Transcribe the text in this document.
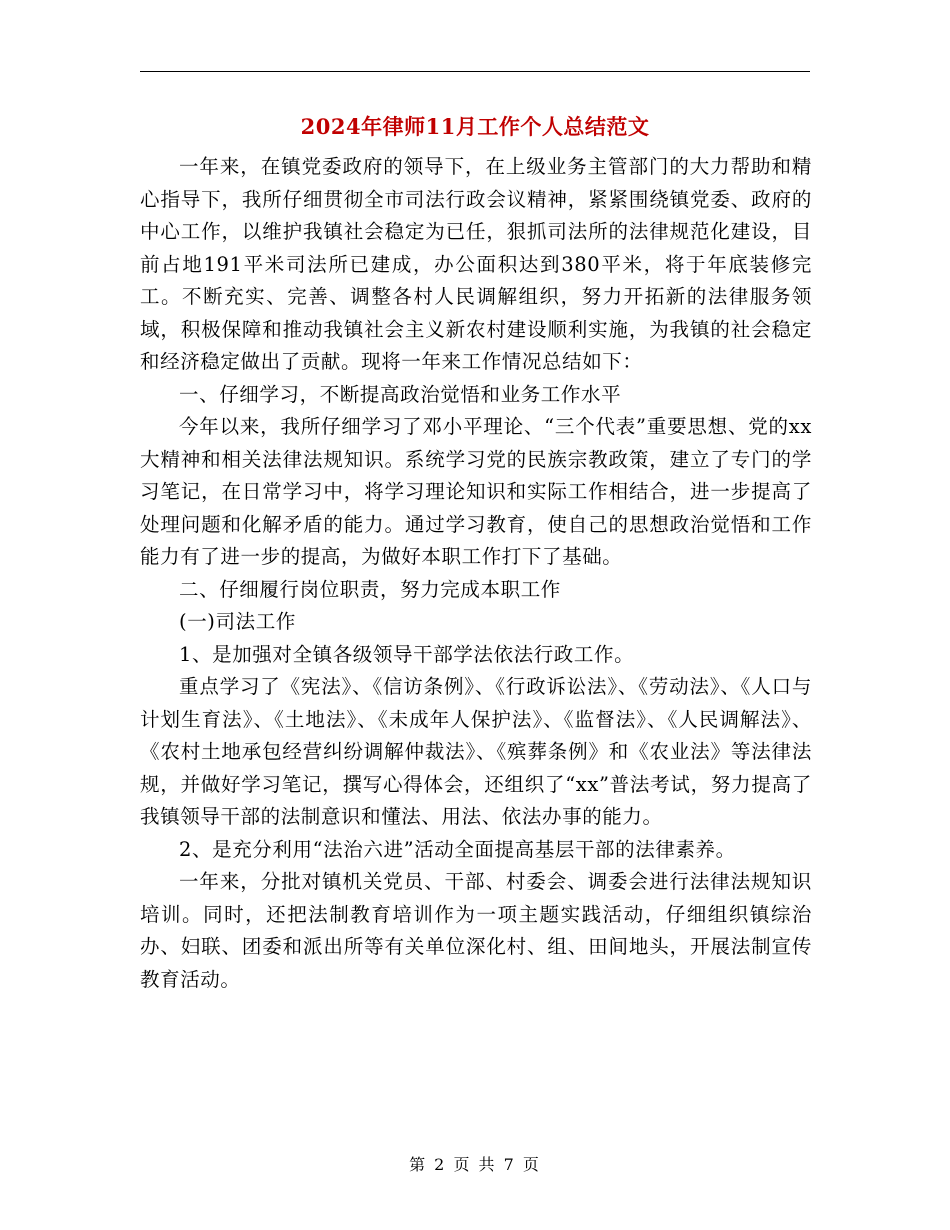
2024年律师11月工作个人总结范文

一年来，在镇党委政府的领导下，在上级业务主管部门的大力帮助和精心指导下，我所仔细贯彻全市司法行政会议精神，紧紧围绕镇党委、政府的中心工作，以维护我镇社会稳定为已任，狠抓司法所的法律规范化建设，目前占地191平米司法所已建成，办公面积达到380平米，将于年底装修完工。不断充实、完善、调整各村人民调解组织，努力开拓新的法律服务领域，积极保障和推动我镇社会主义新农村建设顺利实施，为我镇的社会稳定和经济稳定做出了贡献。现将一年来工作情况总结如下：

一、仔细学习，不断提高政治觉悟和业务工作水平

今年以来，我所仔细学习了邓小平理论、“三个代表”重要思想、党的xx大精神和相关法律法规知识。系统学习党的民族宗教政策，建立了专门的学习笔记，在日常学习中，将学习理论知识和实际工作相结合，进一步提高了处理问题和化解矛盾的能力。通过学习教育，使自己的思想政治觉悟和工作能力有了进一步的提高，为做好本职工作打下了基础。

二、仔细履行岗位职责，努力完成本职工作

(一)司法工作

1、是加强对全镇各级领导干部学法依法行政工作。

重点学习了《宪法》、《信访条例》、《行政诉讼法》、《劳动法》、《人口与计划生育法》、《土地法》、《未成年人保护法》、《监督法》、《人民调解法》、《农村土地承包经营纠纷调解仲裁法》、《殡葬条例》和《农业法》等法律法规，并做好学习笔记，撰写心得体会，还组织了“xx”普法考试，努力提高了我镇领导干部的法制意识和懂法、用法、依法办事的能力。

2、是充分利用“法治六进”活动全面提高基层干部的法律素养。

一年来，分批对镇机关党员、干部、村委会、调委会进行法律法规知识培训。同时，还把法制教育培训作为一项主题实践活动，仔细组织镇综治办、妇联、团委和派出所等有关单位深化村、组、田间地头，开展法制宣传教育活动。

第 2 页 共 7 页
